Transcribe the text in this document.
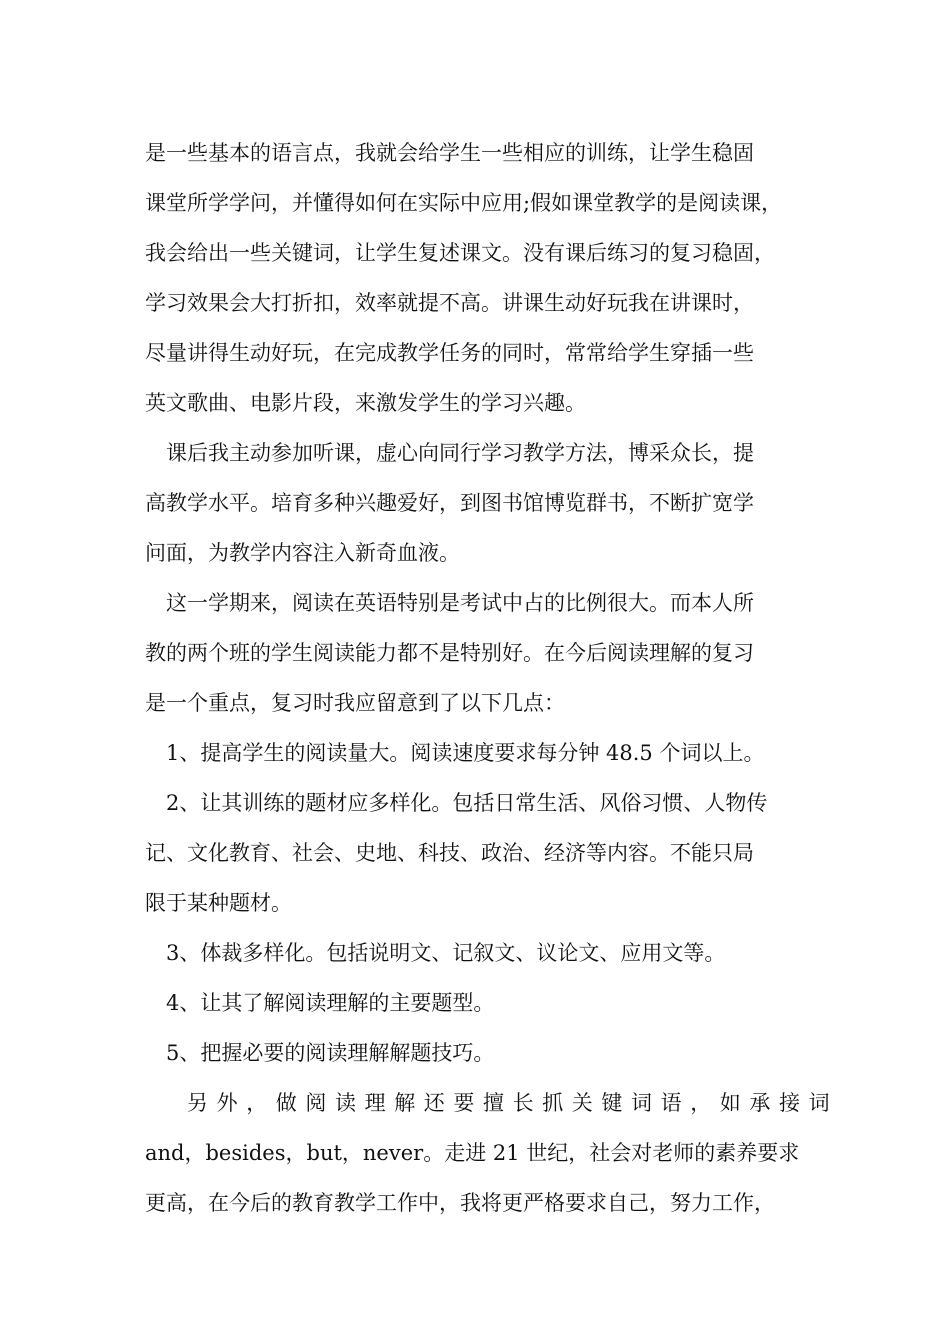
是一些基本的语言点，我就会给学生一些相应的训练，让学生稳固
课堂所学学问，并懂得如何在实际中应用;假如课堂教学的是阅读课，
我会给出一些关键词，让学生复述课文。没有课后练习的复习稳固，
学习效果会大打折扣，效率就提不高。讲课生动好玩我在讲课时，
尽量讲得生动好玩，在完成教学任务的同时，常常给学生穿插一些
英文歌曲、电影片段，来激发学生的学习兴趣。

课后我主动参加听课，虚心向同行学习教学方法，博采众长，提
高教学水平。培育多种兴趣爱好，到图书馆博览群书，不断扩宽学
问面，为教学内容注入新奇血液。

这一学期来，阅读在英语特别是考试中占的比例很大。而本人所
教的两个班的学生阅读能力都不是特别好。在今后阅读理解的复习
是一个重点，复习时我应留意到了以下几点：

1、提高学生的阅读量大。阅读速度要求每分钟 48.5 个词以上。

2、让其训练的题材应多样化。包括日常生活、风俗习惯、人物传
记、文化教育、社会、史地、科技、政治、经济等内容。不能只局
限于某种题材。

3、体裁多样化。包括说明文、记叙文、议论文、应用文等。

4、让其了解阅读理解的主要题型。

5、把握必要的阅读理解解题技巧。

另外，做阅读理解还要擅长抓关键词语，如承接词
and，besides，but，never。走进 21 世纪，社会对老师的素养要求
更高，在今后的教育教学工作中，我将更严格要求自己，努力工作，
